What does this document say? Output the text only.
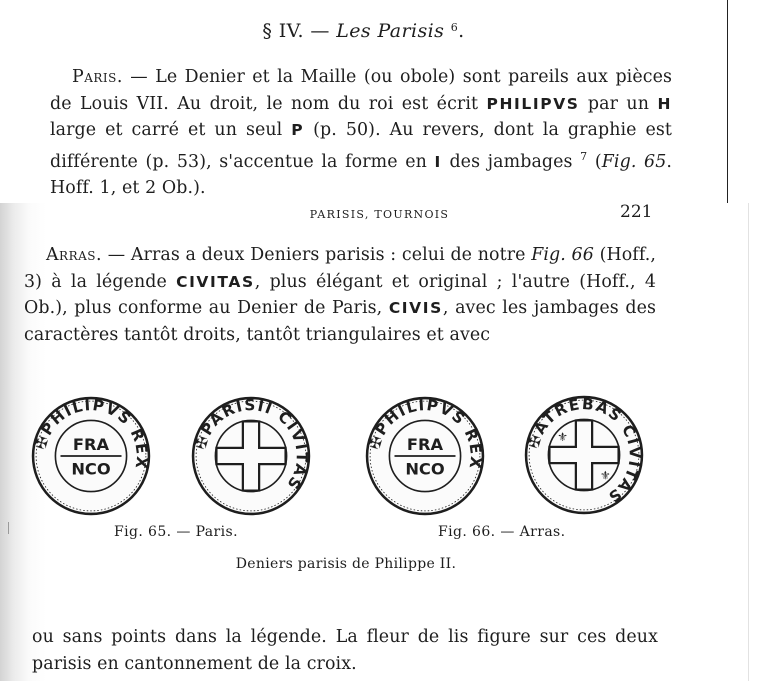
§ IV. — Les Parisis $^6$.
Paris. — Le Denier et la Maille (ou obole) sont pareils aux pièces de Louis VII. Au droit, le nom du roi est écrit PHILIPVS par un H large et carré et un seul P (p. 50). Au revers, dont la graphie est différente (p. 53), s'accentue la forme en I des jambages $^7$ (Fig. 65. Hoff. 1, et 2 Ob.).
PARISIS, TOURNOIS	221
Arras. — Arras a deux Deniers parisis : celui de notre Fig. 66 (Hoff., 3) à la légende CIVITAS, plus élégant et original ; l'autre (Hoff., 4 Ob.), plus conforme au Denier de Paris, CIVIS, avec les jambages des caractères tantôt droits, tantôt triangulaires et avec
✠PHILIPVS REX
FRA
NCO
✠PARISII CIVITAS
✠PHILIPVS REX
FRA
NCO
✠ATREBAS CIVITAS
⚜
⚜
Fig. 65. — Paris.	Fig. 66. — Arras.
Deniers parisis de Philippe II.
ou sans points dans la légende. La fleur de lis figure sur ces deux parisis en cantonnement de la croix.
